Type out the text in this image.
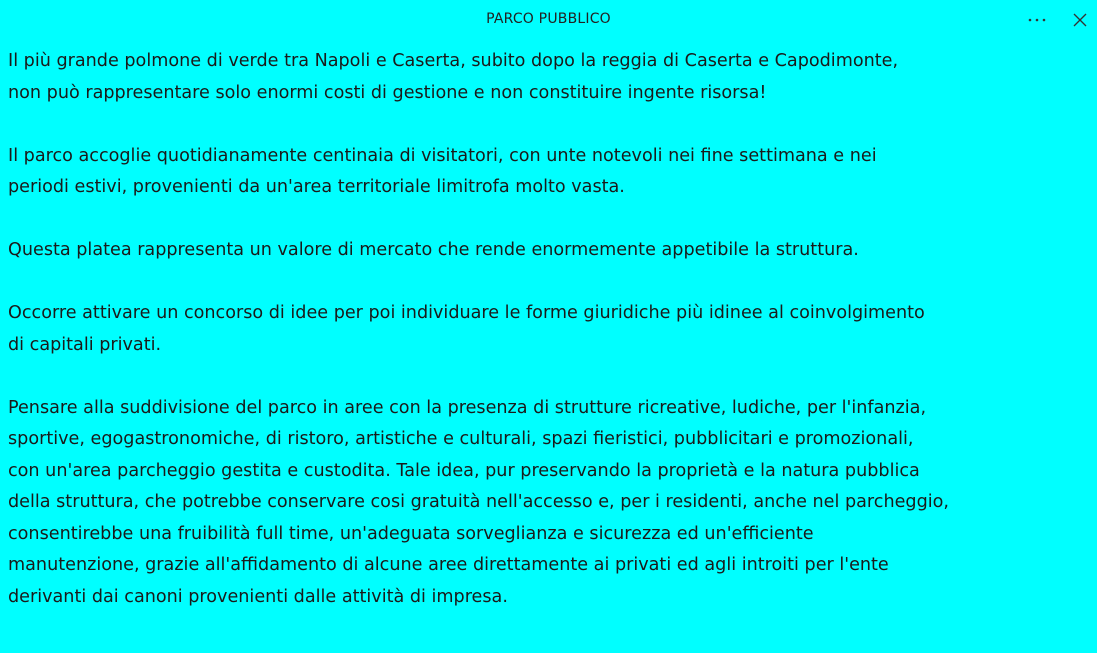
PARCO PUBBLICO

Il più grande polmone di verde tra Napoli e Caserta, subito dopo la reggia di Caserta e Capodimonte,
non può rappresentare solo enormi costi di gestione e non constituire ingente risorsa!

Il parco accoglie quotidianamente centinaia di visitatori, con unte notevoli nei fine settimana e nei
periodi estivi, provenienti da un'area territoriale limitrofa molto vasta.

Questa platea rappresenta un valore di mercato che rende enormemente appetibile la struttura.

Occorre attivare un concorso di idee per poi individuare le forme giuridiche più idinee al coinvolgimento
di capitali privati.

Pensare alla suddivisione del parco in aree con la presenza di strutture ricreative, ludiche, per l'infanzia,
sportive, egogastronomiche, di ristoro, artistiche e culturali, spazi fieristici, pubblicitari e promozionali,
con un'area parcheggio gestita e custodita. Tale idea, pur preservando la proprietà e la natura pubblica
della struttura, che potrebbe conservare cosi gratuità nell'accesso e, per i residenti, anche nel parcheggio,
consentirebbe una fruibilità full time, un'adeguata sorveglianza e sicurezza ed un'efficiente
manutenzione, grazie all'affidamento di alcune aree direttamente ai privati ed agli introiti per l'ente
derivanti dai canoni provenienti dalle attività di impresa.
